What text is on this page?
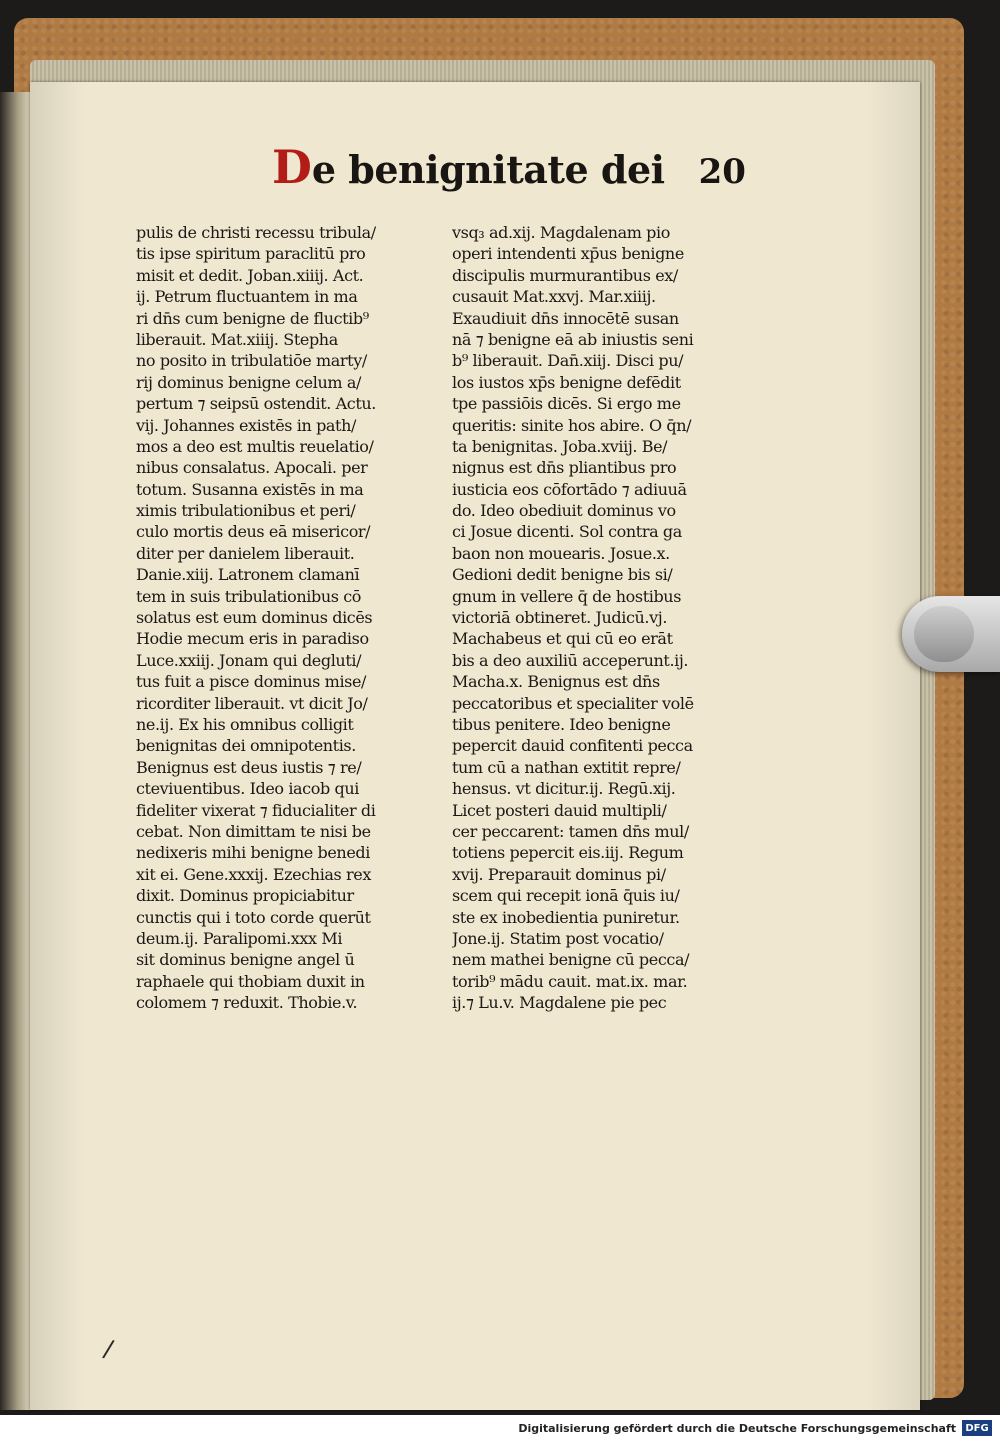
D e benignitate dei 20
pulis de christi recessu tribula/
tis ipse spiritum paraclitū pro
misit et dedit. Joban.xiiij. Act.
ij. Petrum fluctuantem in ma
ri dn̄s cum benigne de fluctib⁹
liberauit. Mat.xiiij. Stepha
no posito in tribulatiōe marty/
rij dominus benigne celum a/
pertum ⁊ seipsū ostendit. Actu.
vij. Johannes existēs in path/
mos a deo est multis reuelatio/
nibus consalatus. Apocali. per
totum. Susanna existēs in ma
ximis tribulationibus et peri/
culo mortis deus eā misericor/
diter per danielem liberauit.
Danie.xiij. Latronem clamanī
tem in suis tribulationibus cō
solatus est eum dominus dicēs
Hodie mecum eris in paradiso
Luce.xxiij. Jonam qui degluti/
tus fuit a pisce dominus mise/
ricorditer liberauit. vt dicit Jo/
ne.ij. Ex his omnibus colligit
benignitas dei omnipotentis.
Benignus est deus iustis ⁊ re/
cteviuentibus. Ideo iacob qui
fideliter vixerat ⁊ fiducialiter di
cebat. Non dimittam te nisi be
nedixeris mihi benigne benedi
xit ei. Gene.xxxij. Ezechias rex
dixit. Dominus propiciabitur
cunctis qui i toto corde querūt
deum.ij. Paralipomi.xxx Mi
sit dominus benigne angel ū
raphaele qui thobiam duxit in
colomem ⁊ reduxit. Thobie.v.
vsq₃ ad.xij. Magdalenam pio
operi intendenti xp̄us benigne
discipulis murmurantibus ex/
cusauit Mat.xxvj. Mar.xiiij.
Exaudiuit dn̄s innocētē susan
nā ⁊ benigne eā ab iniustis seni
b⁹ liberauit. Dan̄.xiij. Disci pu/
los iustos xp̄s benigne defēdit
tpe passiōis dicēs. Si ergo me
queritis: sinite hos abire. O q̄n/
ta benignitas. Joba.xviij. Be/
nignus est dn̄s pliantibus pro
iusticia eos cōfortādo ⁊ adiuuā
do. Ideo obediuit dominus vo
ci Josue dicenti. Sol contra ga
baon non mouearis. Josue.x.
Gedioni dedit benigne bis si/
gnum in vellere q̄ de hostibus
victoriā obtineret. Judicū.vj.
Machabeus et qui cū eo erāt
bis a deo auxiliū acceperunt.ij.
Macha.x. Benignus est dn̄s
peccatoribus et specialiter volē
tibus penitere. Ideo benigne
pepercit dauid confitenti pecca
tum cū a nathan extitit repre/
hensus. vt dicitur.ij. Regū.xij.
Licet posteri dauid multipli/
cer peccarent: tamen dn̄s mul/
totiens pepercit eis.iij. Regum
xvij. Preparauit dominus pi/
scem qui recepit ionā q̄uis iu/
ste ex inobedientia puniretur.
Jone.ij. Statim post vocatio/
nem mathei benigne cū pecca/
torib⁹ mādu cauit. mat.ix. mar.
ij.⁊ Lu.v. Magdalene pie pec
/
Digitalisierung gefördert durch die Deutsche Forschungsgemeinschaft DFG
